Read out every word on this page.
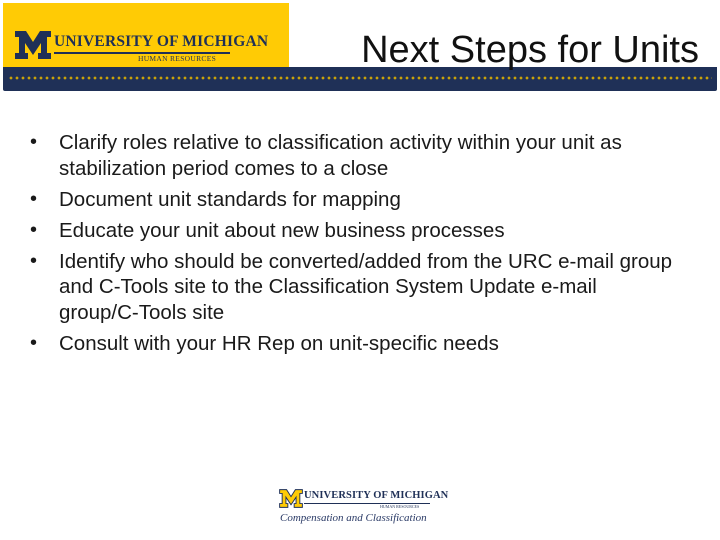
UNIVERSITY OF MICHIGAN
HUMAN RESOURCES	Next Steps for Units
• Clarify roles relative to classification activity within your unit as stabilization period comes to a close
• Document unit standards for mapping
• Educate your unit about new business processes
• Identify who should be converted/added from the URC e-mail group and C-Tools site to the Classification System Update e-mail group/C-Tools site
• Consult with your HR Rep on unit-specific needs
UNIVERSITY OF MICHIGAN
HUMAN RESOURCES
Compensation and Classification
